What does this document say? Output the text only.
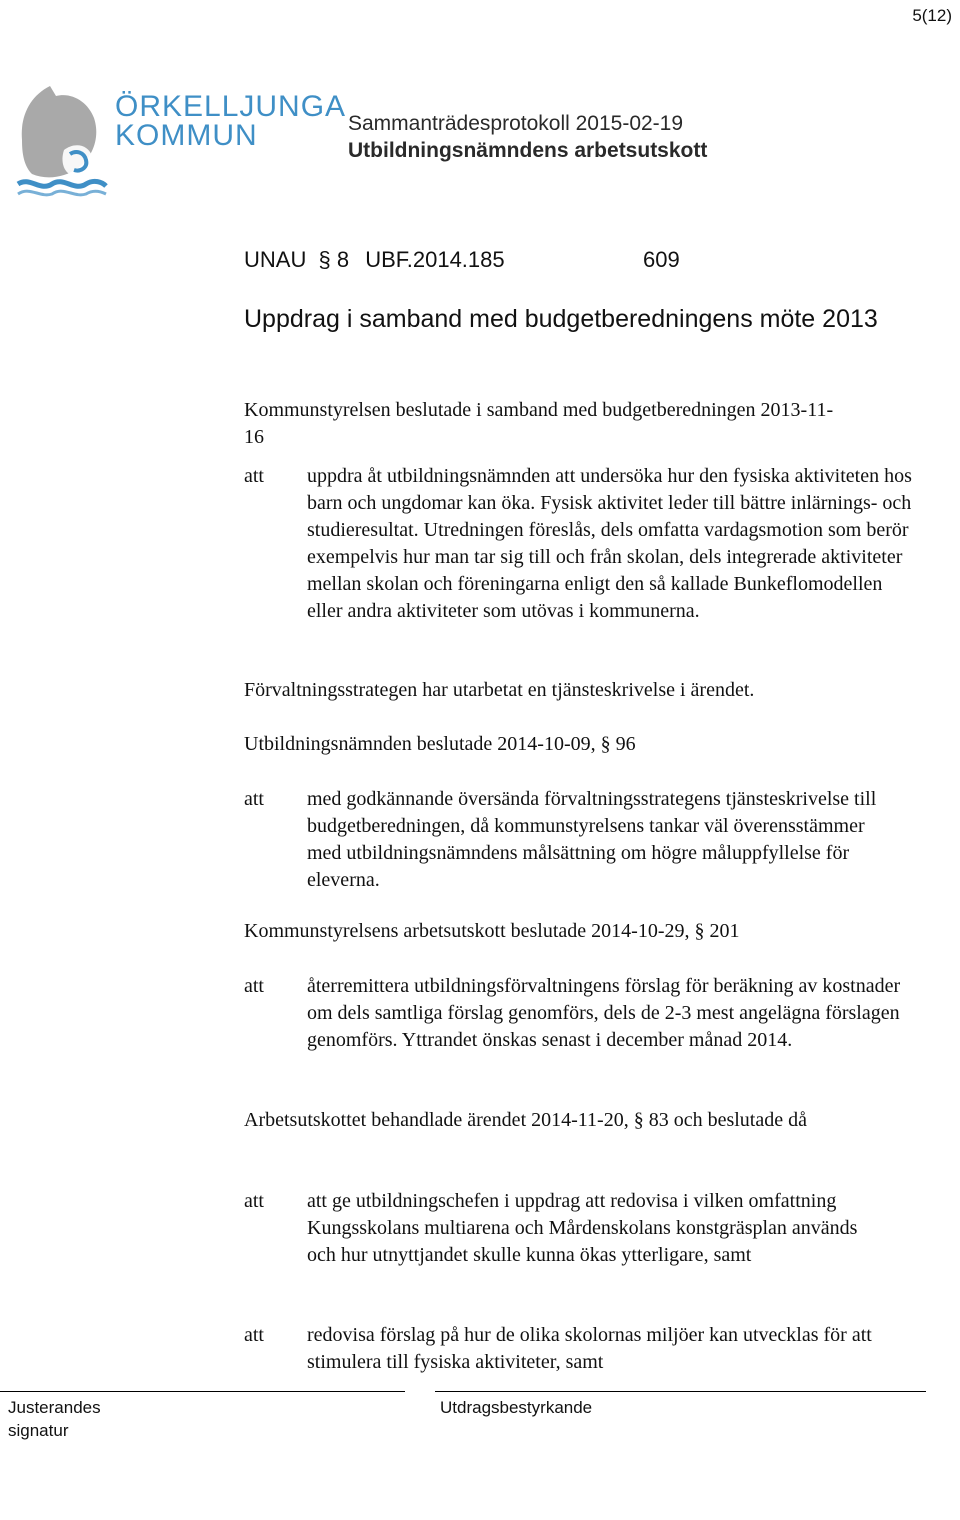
5(12)
ÖRKELLJUNGA
KOMMUN	Sammanträdesprotokoll 2015-02-19
Utbildningsnämndens arbetsutskott
UNAU § 8 UBF.2014.185	609
Uppdrag i samband med budgetberedningens möte 2013
Kommunstyrelsen beslutade i samband med budgetberedningen 2013-11-16
att uppdra åt utbildningsnämnden att undersöka hur den fysiska aktiviteten hos barn och ungdomar kan öka. Fysisk aktivitet leder till bättre inlärnings- och studieresultat. Utredningen föreslås, dels omfatta vardagsmotion som berör exempelvis hur man tar sig till och från skolan, dels integrerade aktiviteter mellan skolan och föreningarna enligt den så kallade Bunkeflomodellen eller andra aktiviteter som utövas i kommunerna.
Förvaltningsstrategen har utarbetat en tjänsteskrivelse i ärendet.
Utbildningsnämnden beslutade 2014-10-09, § 96
att med godkännande översända förvaltningsstrategens tjänsteskrivelse till budgetberedningen, då kommunstyrelsens tankar väl överensstämmer med utbildningsnämndens målsättning om högre måluppfyllelse för eleverna.
Kommunstyrelsens arbetsutskott beslutade 2014-10-29, § 201
att återremittera utbildningsförvaltningens förslag för beräkning av kostnader om dels samtliga förslag genomförs, dels de 2-3 mest angelägna förslagen genomförs. Yttrandet önskas senast i december månad 2014.
Arbetsutskottet behandlade ärendet 2014-11-20, § 83 och beslutade då
att att ge utbildningschefen i uppdrag att redovisa i vilken omfattning Kungsskolans multiarena och Mårdenskolans konstgräsplan används och hur utnyttjandet skulle kunna ökas ytterligare, samt
att redovisa förslag på hur de olika skolornas miljöer kan utvecklas för att stimulera till fysiska aktiviteter, samt
Justerandes
signatur
Utdragsbestyrkande
